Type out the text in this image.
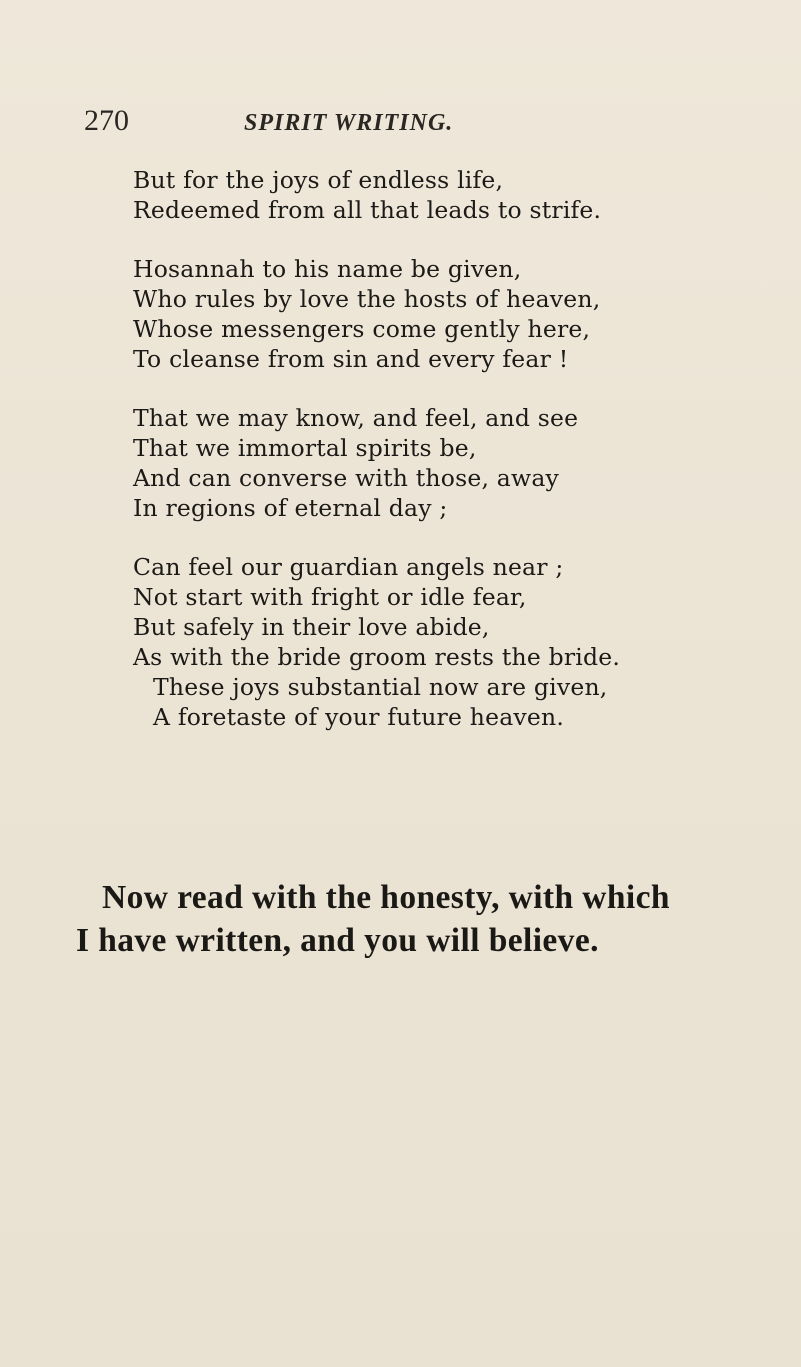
270	SPIRIT WRITING.
But for the joys of endless life,
Redeemed from all that leads to strife.
Hosannah to his name be given,
Who rules by love the hosts of heaven,
Whose messengers come gently here,
To cleanse from sin and every fear !
That we may know, and feel, and see
That we immortal spirits be,
And can converse with those, away
In regions of eternal day ;
Can feel our guardian angels near ;
Not start with fright or idle fear,
But safely in their love abide,
As with the bride groom rests the bride.
These joys substantial now are given,
A foretaste of your future heaven.
Now read with the honesty, with which
I have written, and you will believe.
